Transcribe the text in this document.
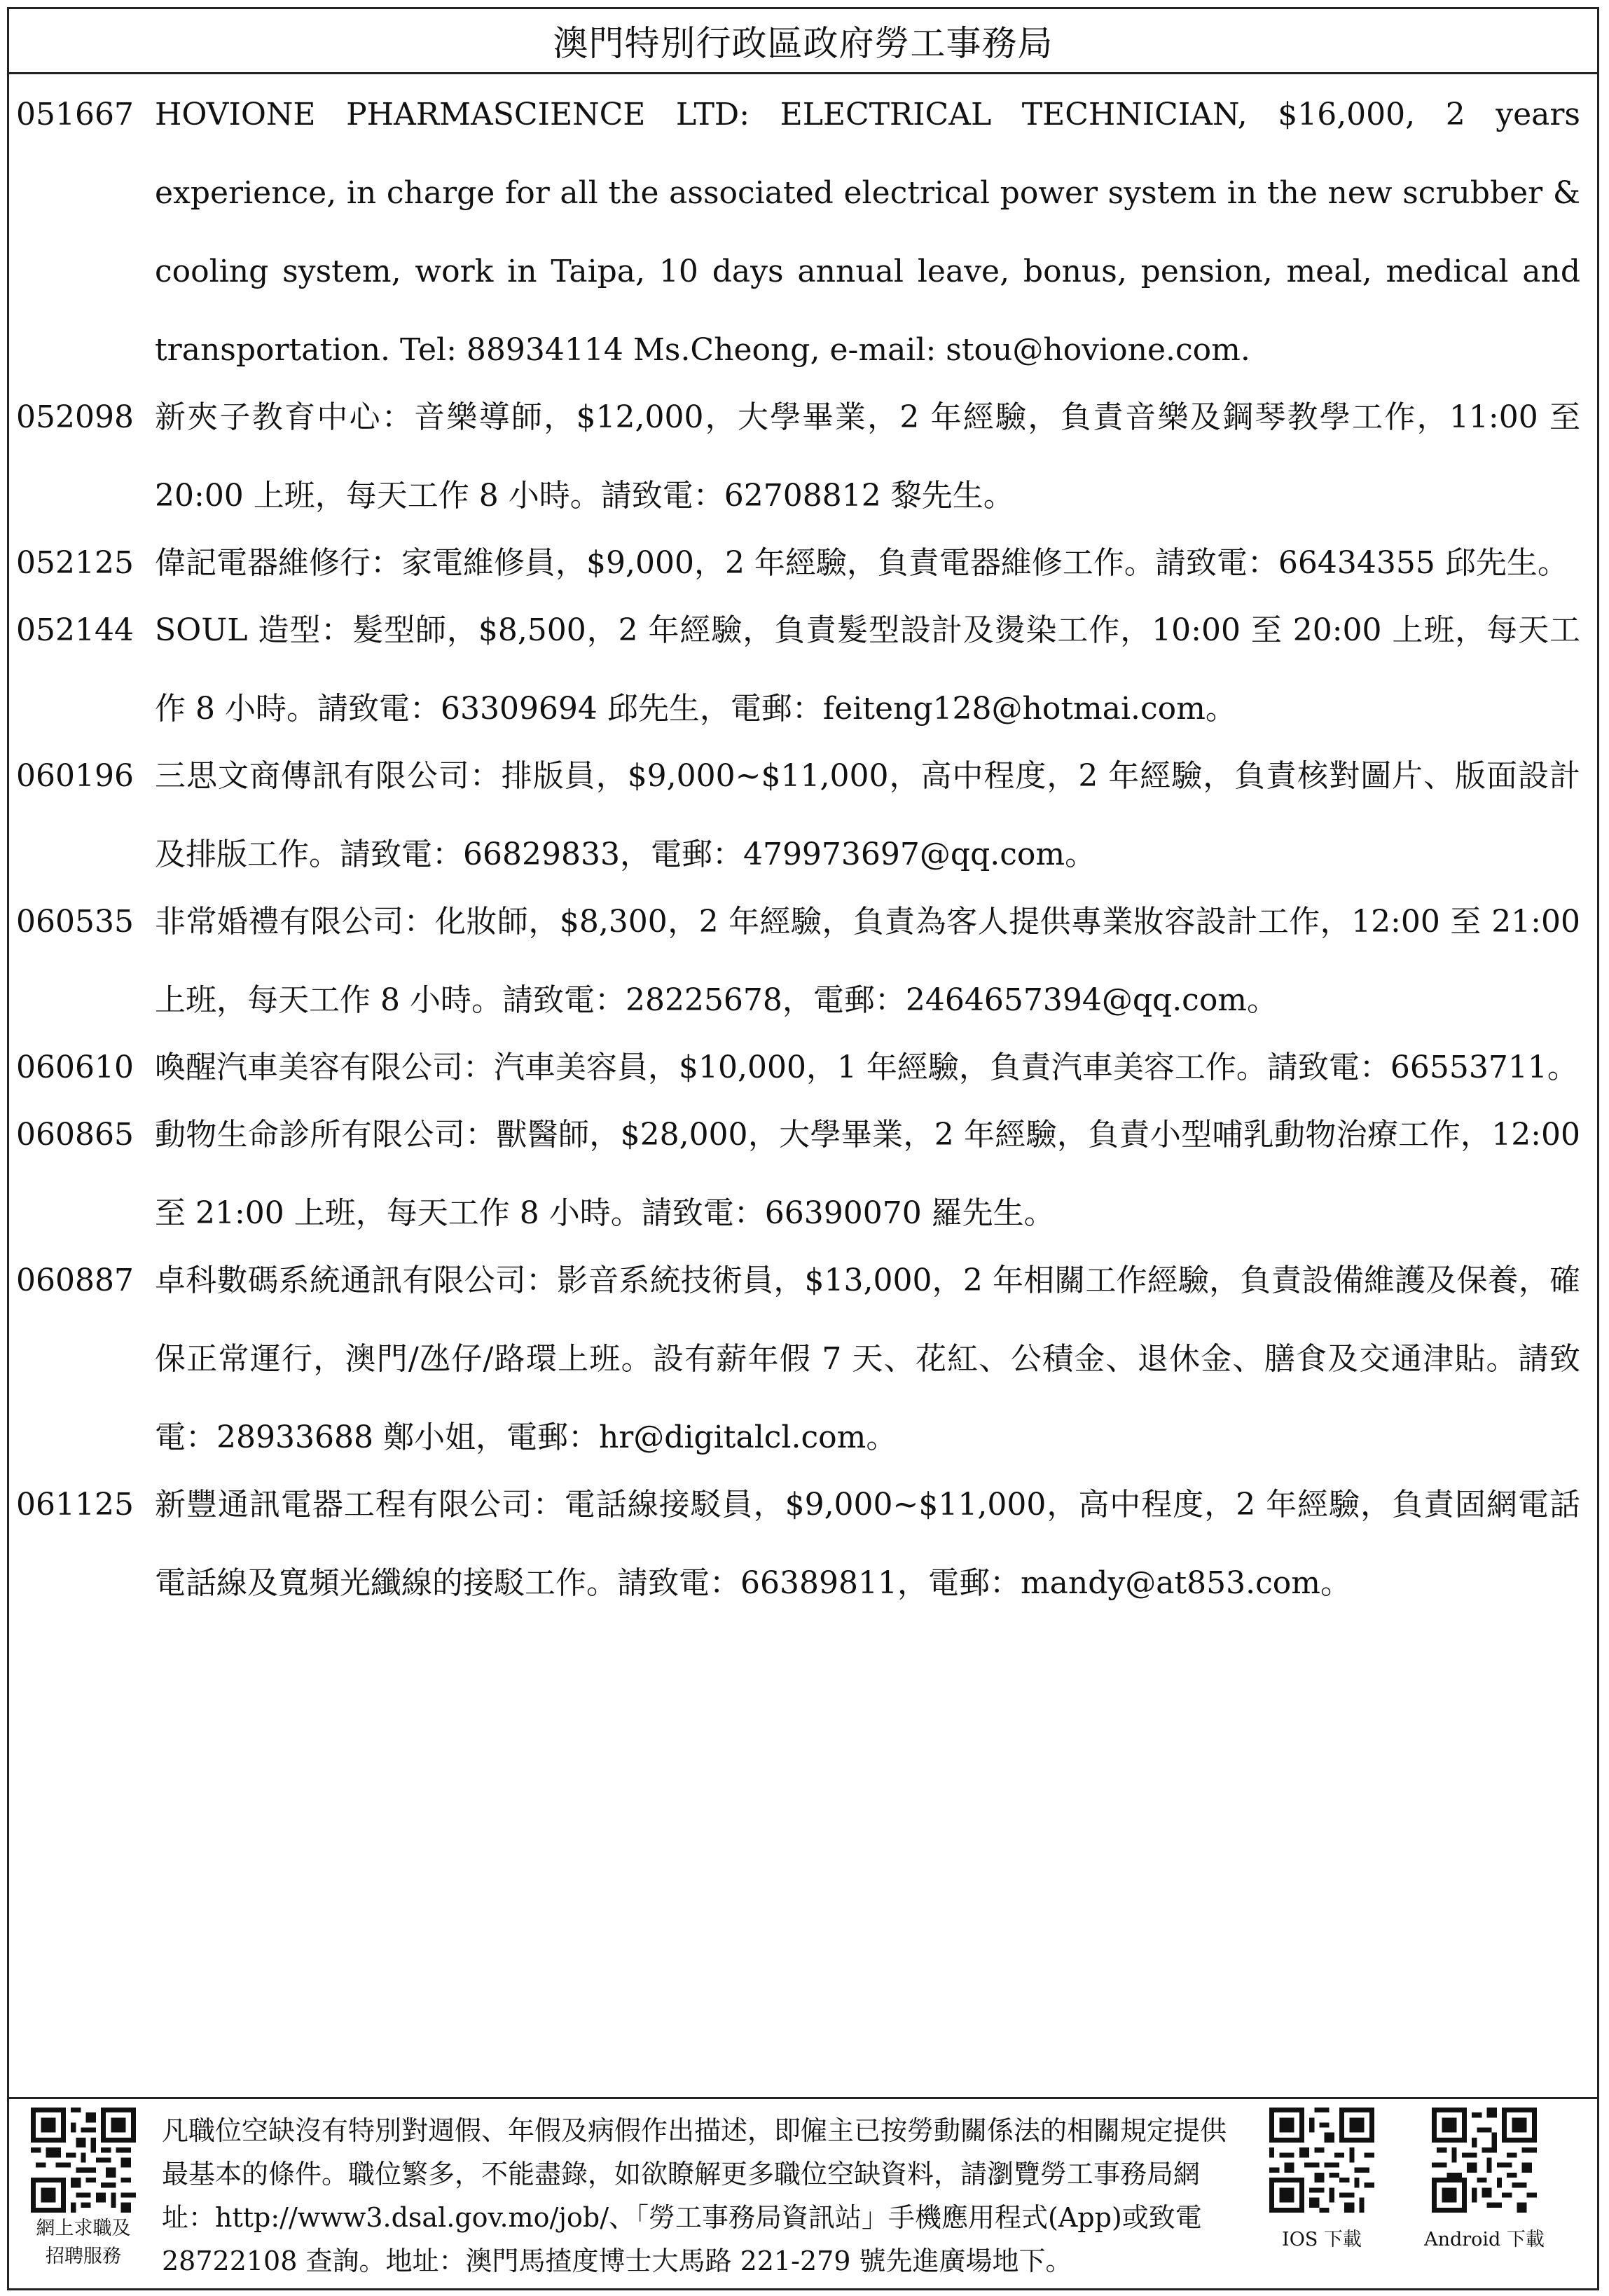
澳門特別行政區政府勞工事務局
051667 HOVIONE PHARMASCIENCE LTD: ELECTRICAL TECHNICIAN, $16,000, 2 years experience, in charge for all the associated electrical power system in the new scrubber & cooling system, work in Taipa, 10 days annual leave, bonus, pension, meal, medical and transportation. Tel: 88934114 Ms.Cheong, e-mail: stou@hovione.com.
052098 新夾子教育中心：音樂導師，$12,000，大學畢業，2 年經驗，負責音樂及鋼琴教學工作，11:00 至 20:00 上班，每天工作 8 小時。請致電：62708812 黎先生。
052125 偉記電器維修行：家電維修員，$9,000，2 年經驗，負責電器維修工作。請致電：66434355 邱先生。
052144 SOUL 造型：髮型師，$8,500，2 年經驗，負責髮型設計及燙染工作，10:00 至 20:00 上班，每天工作 8 小時。請致電：63309694 邱先生，電郵：feiteng128@hotmai.com。
060196 三思文商傳訊有限公司：排版員，$9,000~$11,000，高中程度，2 年經驗，負責核對圖片、版面設計及排版工作。請致電：66829833，電郵：479973697@qq.com。
060535 非常婚禮有限公司：化妝師，$8,300，2 年經驗，負責為客人提供專業妝容設計工作，12:00 至 21:00 上班，每天工作 8 小時。請致電：28225678，電郵：2464657394@qq.com。
060610 喚醒汽車美容有限公司：汽車美容員，$10,000，1 年經驗，負責汽車美容工作。請致電：66553711。
060865 動物生命診所有限公司：獸醫師，$28,000，大學畢業，2 年經驗，負責小型哺乳動物治療工作，12:00 至 21:00 上班，每天工作 8 小時。請致電：66390070 羅先生。
060887 卓科數碼系統通訊有限公司：影音系統技術員，$13,000，2 年相關工作經驗，負責設備維護及保養，確保正常運行，澳門/氹仔/路環上班。設有薪年假 7 天、花紅、公積金、退休金、膳食及交通津貼。請致電：28933688 鄭小姐，電郵：hr@digitalcl.com。
061125 新豐通訊電器工程有限公司：電話線接駁員，$9,000~$11,000，高中程度，2 年經驗，負責固網電話電話線及寬頻光纖線的接駁工作。請致電：66389811，電郵：mandy@at853.com。
網上求職及
招聘服務
凡職位空缺沒有特別對週假、年假及病假作出描述，即僱主已按勞動關係法的相關規定提供最基本的條件。職位繁多，不能盡錄，如欲瞭解更多職位空缺資料，請瀏覽勞工事務局網址：http://www3.dsal.gov.mo/job/、「勞工事務局資訊站」手機應用程式(App)或致電 28722108 查詢。地址：澳門馬揸度博士大馬路 221-279 號先進廣場地下。
IOS 下載	Android 下載
